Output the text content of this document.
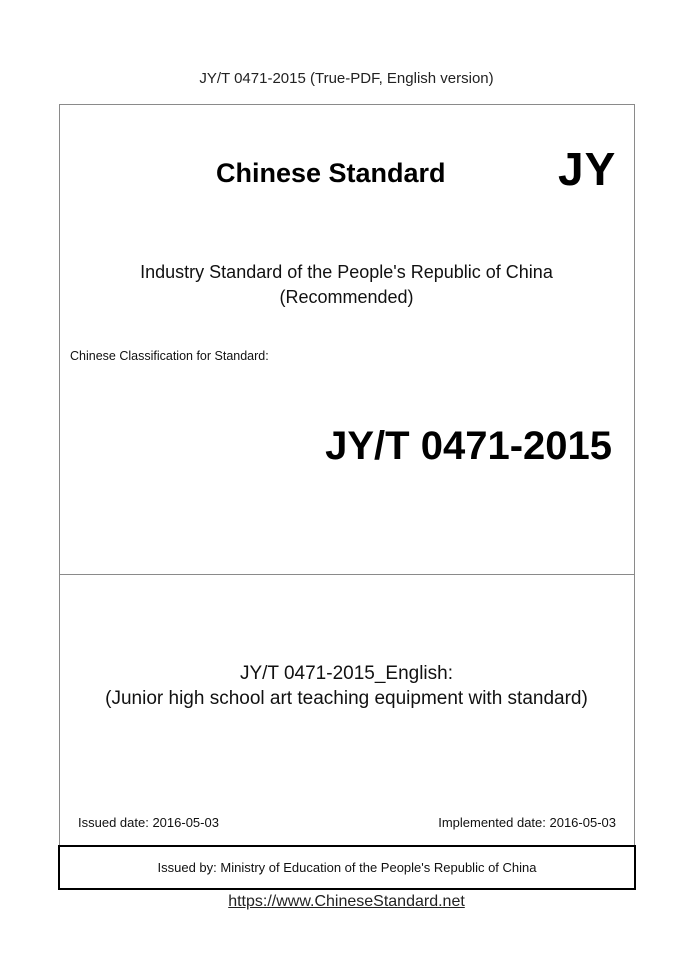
JY/T 0471-2015 (True-PDF, English version)
Chinese Standard JY
Industry Standard of the People's Republic of China
(Recommended)
Chinese Classification for Standard:
JY/T 0471-2015
JY/T 0471-2015_English:
(Junior high school art teaching equipment with standard)
Issued date: 2016-05-03	Implemented date: 2016-05-03
Issued by: Ministry of Education of the People's Republic of China
https://www.ChineseStandard.net
